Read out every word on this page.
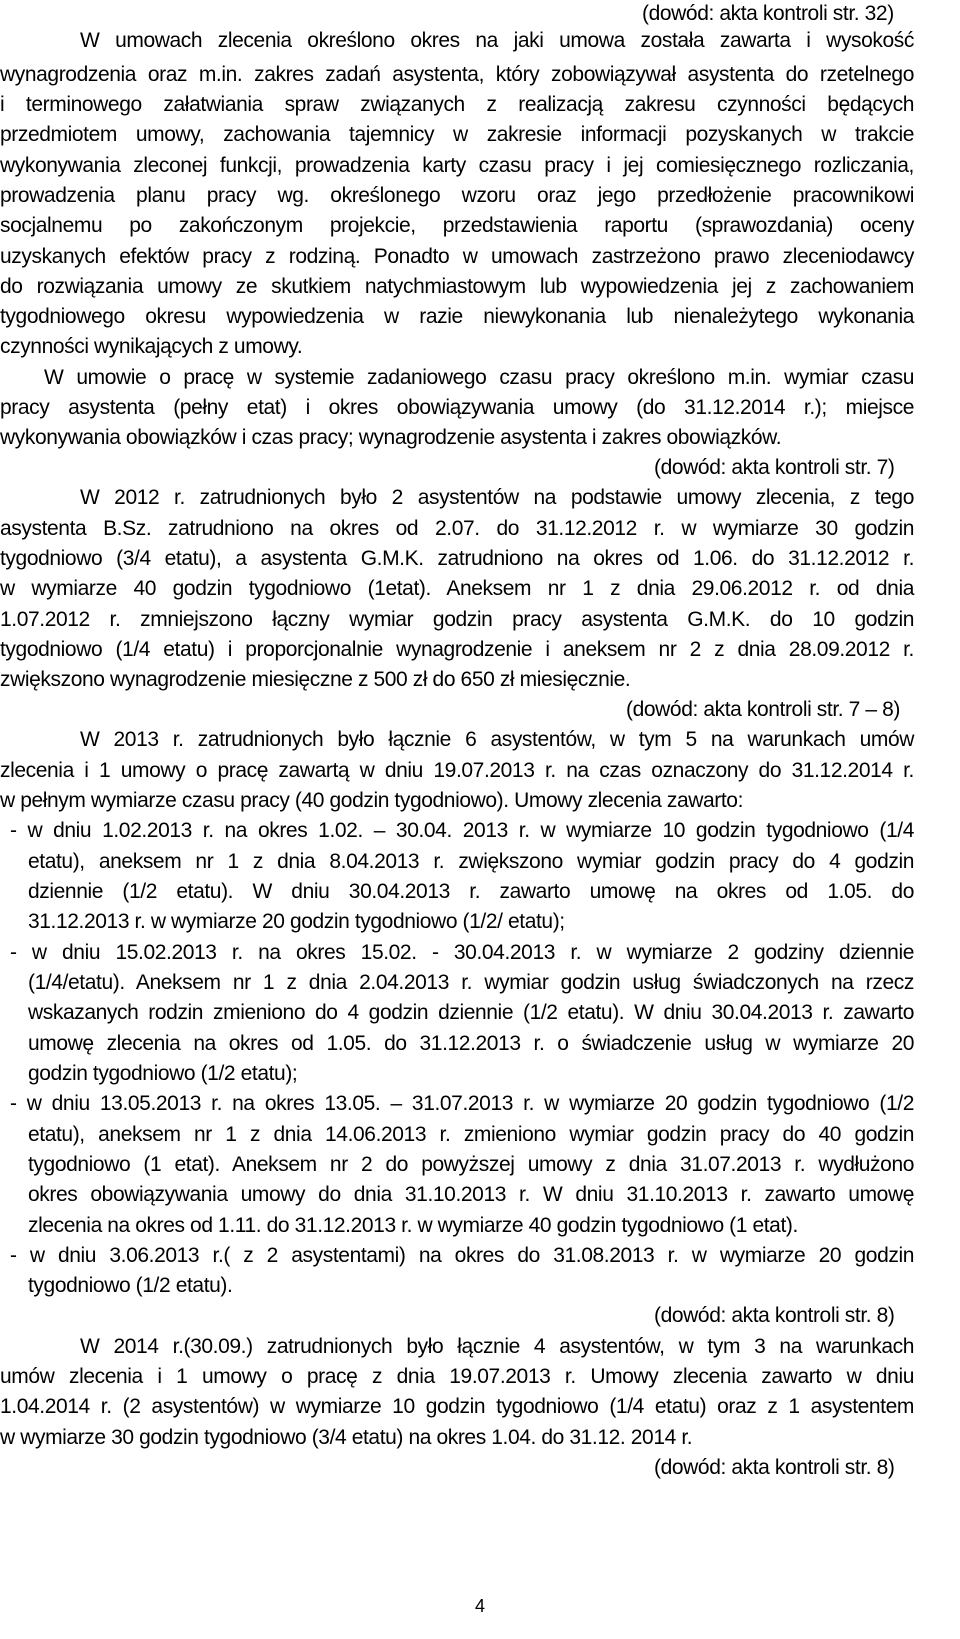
(dowód: akta kontroli str. 32)
W umowach zlecenia określono okres na jaki umowa została zawarta i wysokość
wynagrodzenia oraz m.in. zakres zadań asystenta, który zobowiązywał asystenta do rzetelnego
i terminowego załatwiania spraw związanych z realizacją zakresu czynności będących
przedmiotem umowy, zachowania tajemnicy w zakresie informacji pozyskanych w trakcie
wykonywania zleconej funkcji, prowadzenia karty czasu pracy i jej comiesięcznego rozliczania,
prowadzenia planu pracy wg. określonego wzoru oraz jego przedłożenie pracownikowi
socjalnemu po zakończonym projekcie, przedstawienia raportu (sprawozdania) oceny
uzyskanych efektów pracy z rodziną. Ponadto w umowach zastrzeżono prawo zleceniodawcy
do rozwiązania umowy ze skutkiem natychmiastowym lub wypowiedzenia jej z zachowaniem
tygodniowego okresu wypowiedzenia w razie niewykonania lub nienależytego wykonania
czynności wynikających z umowy.
W umowie o pracę w systemie zadaniowego czasu pracy określono m.in. wymiar czasu
pracy asystenta (pełny etat) i okres obowiązywania umowy (do 31.12.2014 r.); miejsce
wykonywania obowiązków i czas pracy; wynagrodzenie asystenta i zakres obowiązków.
(dowód: akta kontroli str. 7)
W 2012 r. zatrudnionych było 2 asystentów na podstawie umowy zlecenia, z tego
asystenta B.Sz. zatrudniono na okres od 2.07. do 31.12.2012 r. w wymiarze 30 godzin
tygodniowo (3/4 etatu), a asystenta G.M.K. zatrudniono na okres od 1.06. do 31.12.2012 r.
w wymiarze 40 godzin tygodniowo (1etat). Aneksem nr 1 z dnia 29.06.2012 r. od dnia
1.07.2012 r. zmniejszono łączny wymiar godzin pracy asystenta G.M.K. do 10 godzin
tygodniowo (1/4 etatu) i proporcjonalnie wynagrodzenie i aneksem nr 2 z dnia 28.09.2012 r.
zwiększono wynagrodzenie miesięczne z 500 zł do 650 zł miesięcznie.
(dowód: akta kontroli str. 7 – 8)
W 2013 r. zatrudnionych było łącznie 6 asystentów, w tym 5 na warunkach umów
zlecenia i 1 umowy o pracę zawartą w dniu 19.07.2013 r. na czas oznaczony do 31.12.2014 r.
w pełnym wymiarze czasu pracy (40 godzin tygodniowo). Umowy zlecenia zawarto:
- w dniu 1.02.2013 r. na okres 1.02. – 30.04. 2013 r. w wymiarze 10 godzin tygodniowo (1/4
etatu), aneksem nr 1 z dnia 8.04.2013 r. zwiększono wymiar godzin pracy do 4 godzin
dziennie (1/2 etatu). W dniu 30.04.2013 r. zawarto umowę na okres od 1.05. do
31.12.2013 r. w wymiarze 20 godzin tygodniowo (1/2/ etatu);
- w dniu 15.02.2013 r. na okres 15.02. - 30.04.2013 r. w wymiarze 2 godziny dziennie
(1/4/etatu). Aneksem nr 1 z dnia 2.04.2013 r. wymiar godzin usług świadczonych na rzecz
wskazanych rodzin zmieniono do 4 godzin dziennie (1/2 etatu). W dniu 30.04.2013 r. zawarto
umowę zlecenia na okres od 1.05. do 31.12.2013 r. o świadczenie usług w wymiarze 20
godzin tygodniowo (1/2 etatu);
- w dniu 13.05.2013 r. na okres 13.05. – 31.07.2013 r. w wymiarze 20 godzin tygodniowo (1/2
etatu), aneksem nr 1 z dnia 14.06.2013 r. zmieniono wymiar godzin pracy do 40 godzin
tygodniowo (1 etat). Aneksem nr 2 do powyższej umowy z dnia 31.07.2013 r. wydłużono
okres obowiązywania umowy do dnia 31.10.2013 r. W dniu 31.10.2013 r. zawarto umowę
zlecenia na okres od 1.11. do 31.12.2013 r. w wymiarze 40 godzin tygodniowo (1 etat).
- w dniu 3.06.2013 r.( z 2 asystentami) na okres do 31.08.2013 r. w wymiarze 20 godzin
tygodniowo (1/2 etatu).
(dowód: akta kontroli str. 8)
W 2014 r.(30.09.) zatrudnionych było łącznie 4 asystentów, w tym 3 na warunkach
umów zlecenia i 1 umowy o pracę z dnia 19.07.2013 r. Umowy zlecenia zawarto w dniu
1.04.2014 r. (2 asystentów) w wymiarze 10 godzin tygodniowo (1/4 etatu) oraz z 1 asystentem
w wymiarze 30 godzin tygodniowo (3/4 etatu) na okres 1.04. do 31.12. 2014 r.
(dowód: akta kontroli str. 8)
4
